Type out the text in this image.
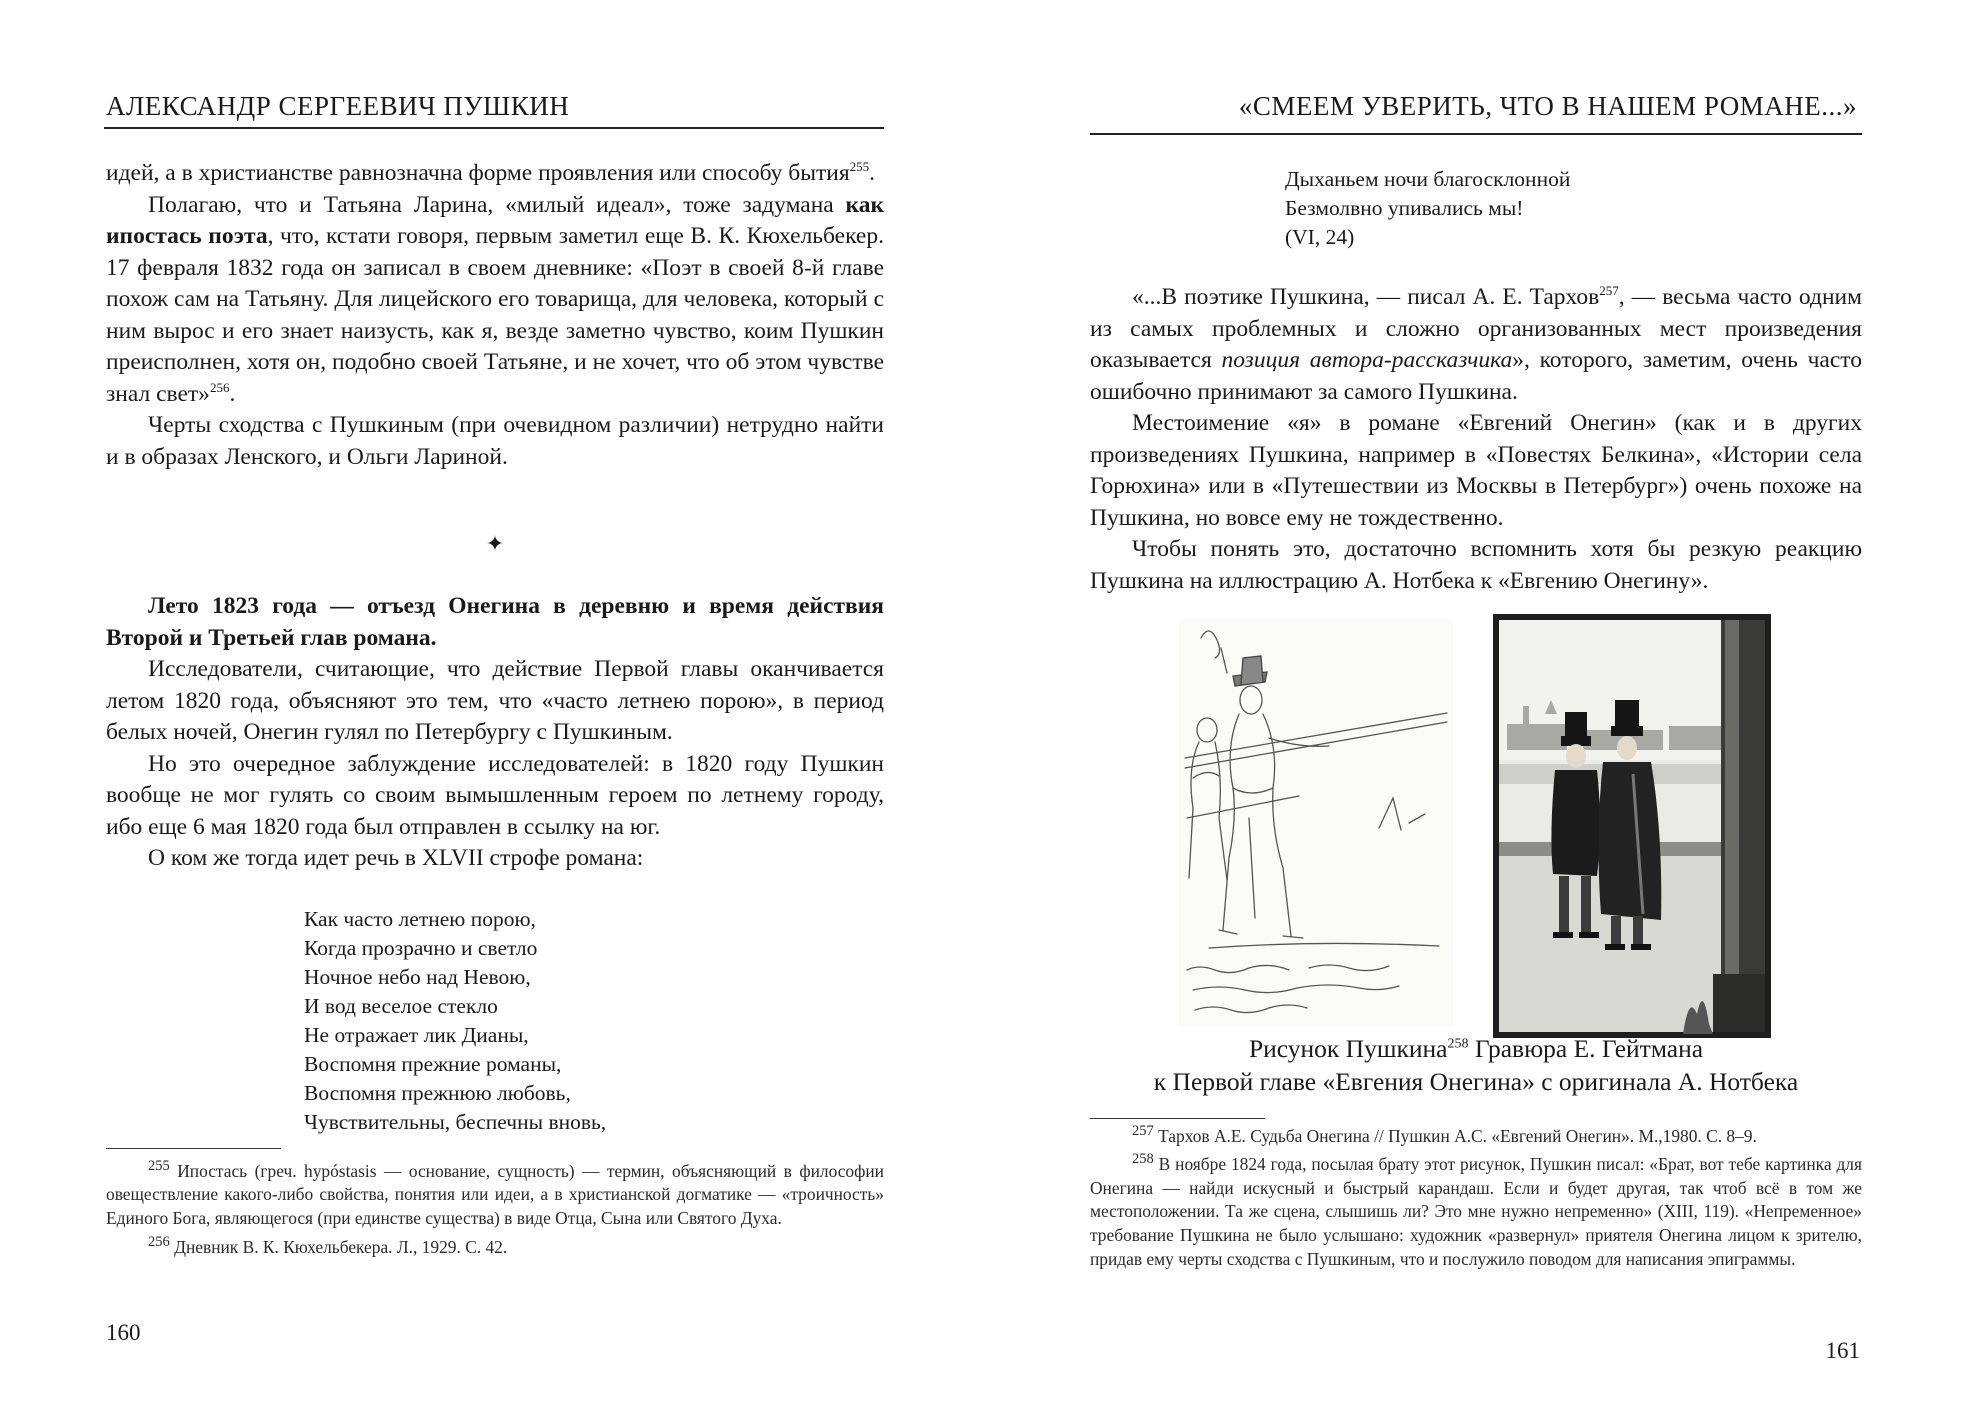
АЛЕКСАНДР СЕРГЕЕВИЧ ПУШКИН

идей, а в христианстве равнозначна форме проявления или способу бытия$^{255}$.

Полагаю, что и Татьяна Ларина, «милый идеал», тоже задумана как ипостась поэта, что, кстати говоря, первым заметил еще В. К. Кюхельбекер. 17 февраля 1832 года он записал в своем дневнике: «Поэт в своей 8-й главе похож сам на Татьяну. Для лицейского его товарища, для человека, который с ним вырос и его знает наизусть, как я, везде заметно чувство, коим Пушкин преисполнен, хотя он, подобно своей Татьяне, и не хочет, что об этом чувстве знал свет»$^{256}$.

Черты сходства с Пушкиным (при очевидном различии) нетрудно найти и в образах Ленского, и Ольги Лариной.

✦

Лето 1823 года — отъезд Онегина в деревню и время действия Второй и Третьей глав романа.

Исследователи, считающие, что действие Первой главы оканчивается летом 1820 года, объясняют это тем, что «часто летнею порою», в период белых ночей, Онегин гулял по Петербургу с Пушкиным.

Но это очередное заблуждение исследователей: в 1820 году Пушкин вообще не мог гулять со своим вымышленным героем по летнему городу, ибо еще 6 мая 1820 года был отправлен в ссылку на юг.

О ком же тогда идет речь в XLVII строфе романа:

Как часто летнею порою,
Когда прозрачно и светло
Ночное небо над Невою,
И вод веселое стекло
Не отражает лик Дианы,
Воспомня прежние романы,
Воспомня прежнюю любовь,
Чувствительны, беспечны вновь,

$^{255}$ Ипостась (греч. hypóstasis — основание, сущность) — термин, объясняющий в философии овеществление какого-либо свойства, понятия или идеи, а в христианской догматике — «троичность» Единого Бога, являющегося (при единстве существа) в виде Отца, Сына или Святого Духа.

$^{256}$ Дневник В. К. Кюхельбекера. Л., 1929. С. 42.

160
«СМЕЕМ УВЕРИТЬ, ЧТО В НАШЕМ РОМАНЕ...»
Дыханьем ночи благосклонной
Безмолвно упивались мы!
(VI, 24)

«...В поэтике Пушкина, — писал А. Е. Тархов$^{257}$, — весьма часто одним из самых проблемных и сложно организованных мест произведения оказывается позиция автора-рассказчика», которого, заметим, очень часто ошибочно принимают за самого Пушкина.

Местоимение «я» в романе «Евгений Онегин» (как и в других произведениях Пушкина, например в «Повестях Белкина», «Истории села Горюхина» или в «Путешествии из Москвы в Петербург») очень похоже на Пушкина, но вовсе ему не тождественно.

Чтобы понять это, достаточно вспомнить хотя бы резкую реакцию Пушкина на иллюстрацию А. Нотбека к «Евгению Онегину».

Рисунок Пушкина$^{258}$ Гравюра Е. Гейтмана
к Первой главе «Евгения Онегина» с оригинала А. Нотбека

$^{257}$ Тархов А.Е. Судьба Онегина // Пушкин А.С. «Евгений Онегин». М.,1980. С. 8–9.

$^{258}$ В ноябре 1824 года, посылая брату этот рисунок, Пушкин писал: «Брат, вот тебе картинка для Онегина — найди искусный и быстрый карандаш. Если и будет другая, так чтоб всё в том же местоположении. Та же сцена, слышишь ли? Это мне нужно непременно» (XIII, 119). «Непременное» требование Пушкина не было услышано: художник «развернул» приятеля Онегина лицом к зрителю, придав ему черты сходства с Пушкиным, что и послужило поводом для написания эпиграммы.

161
